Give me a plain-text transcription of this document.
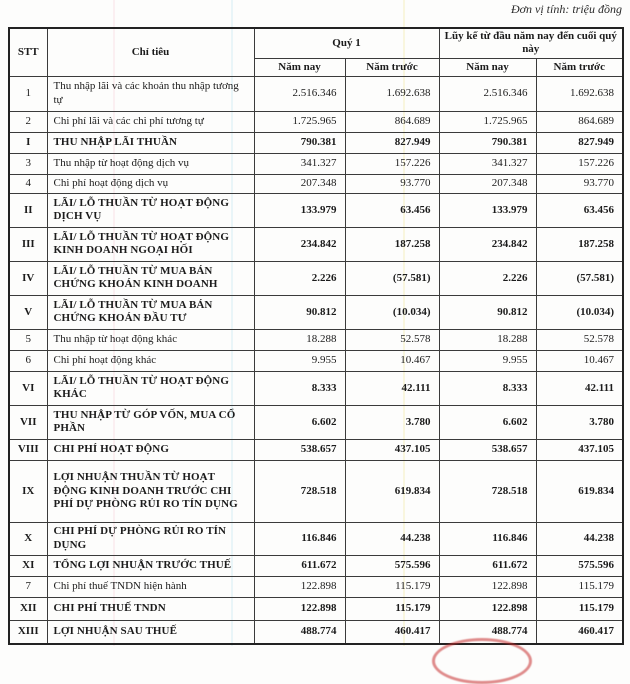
Đơn vị tính: triệu đồng
STT	Chỉ tiêu	Quý 1		Lũy kế từ đầu năm nay đến cuối quý này	
		Năm nay	Năm trước	Năm nay	Năm trước
1	Thu nhập lãi và các khoản thu nhập tương tự	2.516.346	1.692.638	2.516.346	1.692.638
2	Chi phí lãi và các chi phí tương tự	1.725.965	864.689	1.725.965	864.689
I	THU NHẬP LÃI THUẦN	790.381	827.949	790.381	827.949
3	Thu nhập từ hoạt động dịch vụ	341.327	157.226	341.327	157.226
4	Chi phí hoạt động dịch vụ	207.348	93.770	207.348	93.770
II	LÃI/ LỖ THUẦN TỪ HOẠT ĐỘNG DỊCH VỤ	133.979	63.456	133.979	63.456
III	LÃI/ LỖ THUẦN TỪ HOẠT ĐỘNG KINH DOANH NGOẠI HỐI	234.842	187.258	234.842	187.258
IV	LÃI/ LỖ THUẦN TỪ MUA BÁN CHỨNG KHOÁN KINH DOANH	2.226	(57.581)	2.226	(57.581)
V	LÃI/ LỖ THUẦN TỪ MUA BÁN CHỨNG KHOÁN ĐẦU TƯ	90.812	(10.034)	90.812	(10.034)
5	Thu nhập từ hoạt động khác	18.288	52.578	18.288	52.578
6	Chi phí hoạt động khác	9.955	10.467	9.955	10.467
VI	LÃI/ LỖ THUẦN TỪ HOẠT ĐỘNG KHÁC	8.333	42.111	8.333	42.111
VII	THU NHẬP TỪ GÓP VỐN, MUA CỔ PHẦN	6.602	3.780	6.602	3.780
VIII	CHI PHÍ HOẠT ĐỘNG	538.657	437.105	538.657	437.105
IX	LỢI NHUẬN THUẦN TỪ HOẠT ĐỘNG KINH DOANH TRƯỚC CHI PHÍ DỰ PHÒNG RỦI RO TÍN DỤNG	728.518	619.834	728.518	619.834
X	CHI PHÍ DỰ PHÒNG RỦI RO TÍN DỤNG	116.846	44.238	116.846	44.238
XI	TỔNG LỢI NHUẬN TRƯỚC THUẾ	611.672	575.596	611.672	575.596
7	Chi phí thuế TNDN hiện hành	122.898	115.179	122.898	115.179
XII	CHI PHÍ THUẾ TNDN	122.898	115.179	122.898	115.179
XIII	LỢI NHUẬN SAU THUẾ	488.774	460.417	488.774	460.417
